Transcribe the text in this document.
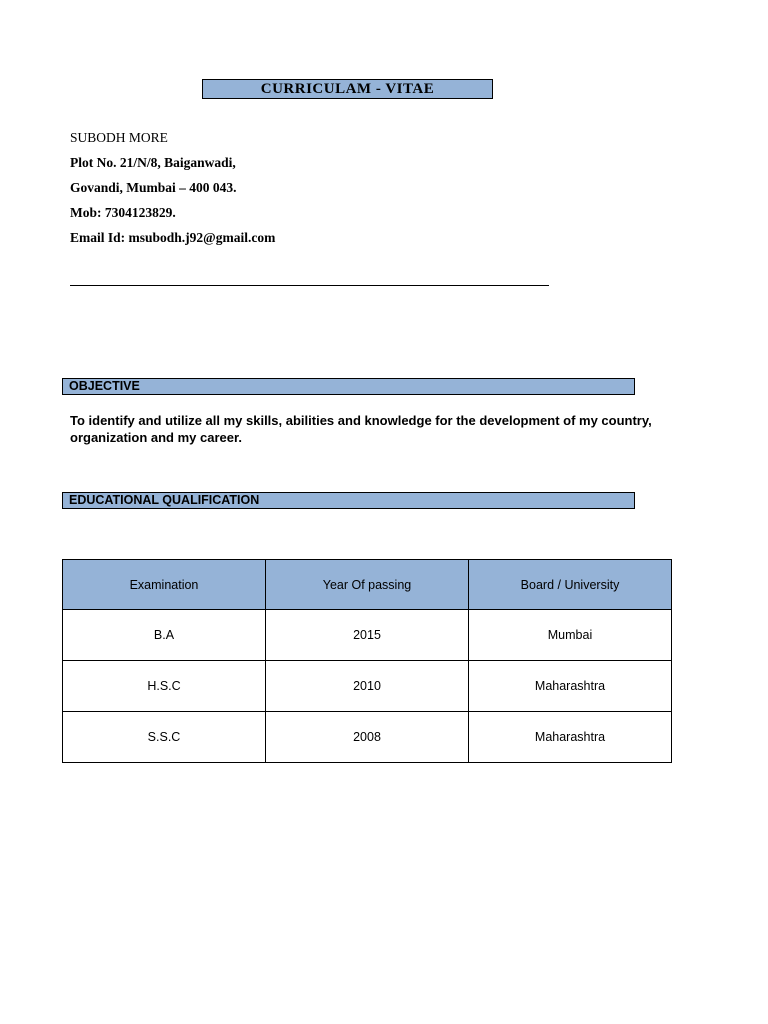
CURRICULAM - VITAE
SUBODH MORE
Plot No. 21/N/8, Baiganwadi,
Govandi, Mumbai – 400 043.
Mob: 7304123829.
Email Id: msubodh.j92@gmail.com
OBJECTIVE
To identify and utilize all my skills, abilities and knowledge for the development of my country, organization and my career.
EDUCATIONAL QUALIFICATION
Examination	Year Of passing	Board / University
B.A	2015	Mumbai
H.S.C	2010	Maharashtra
S.S.C	2008	Maharashtra
